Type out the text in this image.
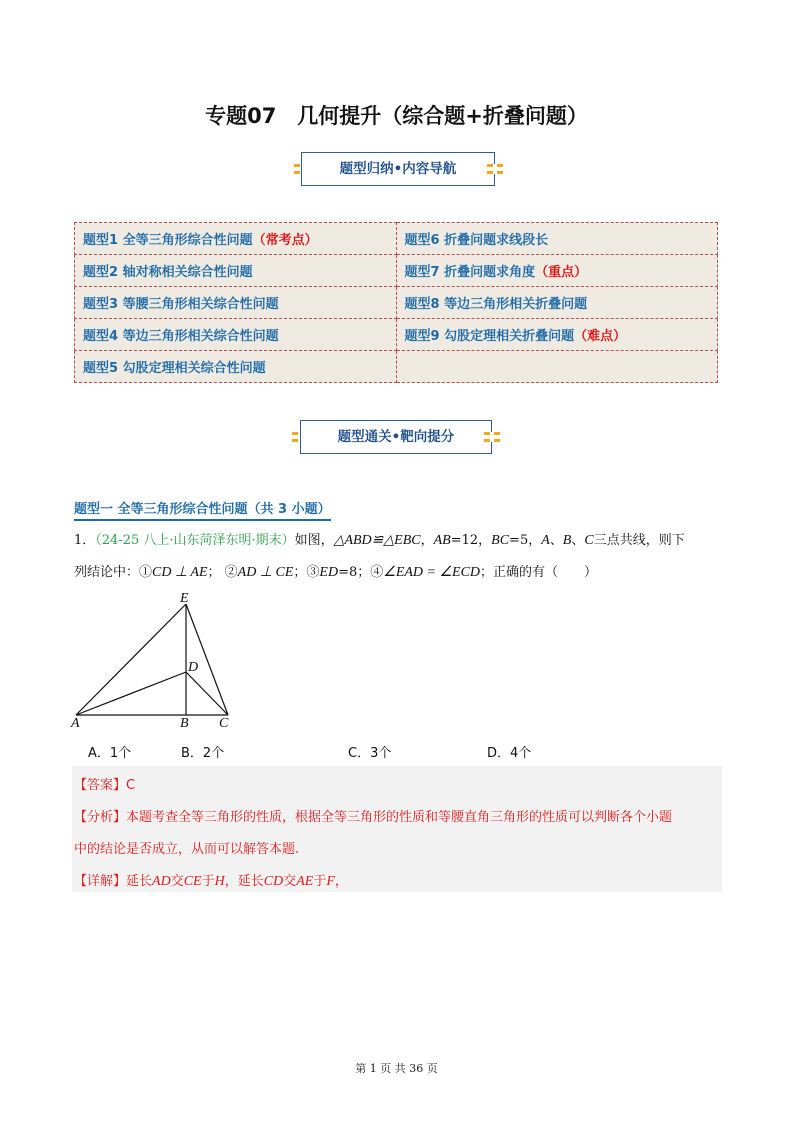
专题07　几何提升（综合题+折叠问题）
题型归纳•内容导航
题型1 全等三角形综合性问题（常考点）	题型6 折叠问题求线段长
题型2 轴对称相关综合性问题	题型7 折叠问题求角度（重点）
题型3 等腰三角形相关综合性问题	题型8 等边三角形相关折叠问题
题型4 等边三角形相关综合性问题	题型9 勾股定理相关折叠问题（难点）
题型5 勾股定理相关综合性问题	
题型通关•靶向提分
题型一 全等三角形综合性问题（共 3 小题）
1．（24-25 八上·山东菏泽东明·期末）如图，△ABD≌△EBC，AB=12，BC=5，A、B、C三点共线，则下
列结论中：①CD ⊥ AE； ②AD ⊥ CE；③ED=8；④∠EAD = ∠ECD；正确的有（　　）
E
D
A	B C
A．1个	B．2个	C．3个	D．4个
【答案】C
【分析】本题考查全等三角形的性质，根据全等三角形的性质和等腰直角三角形的性质可以判断各个小题
中的结论是否成立，从而可以解答本题.
【详解】延长AD交CE于H，延长CD交AE于F，
第 1 页 共 36 页
